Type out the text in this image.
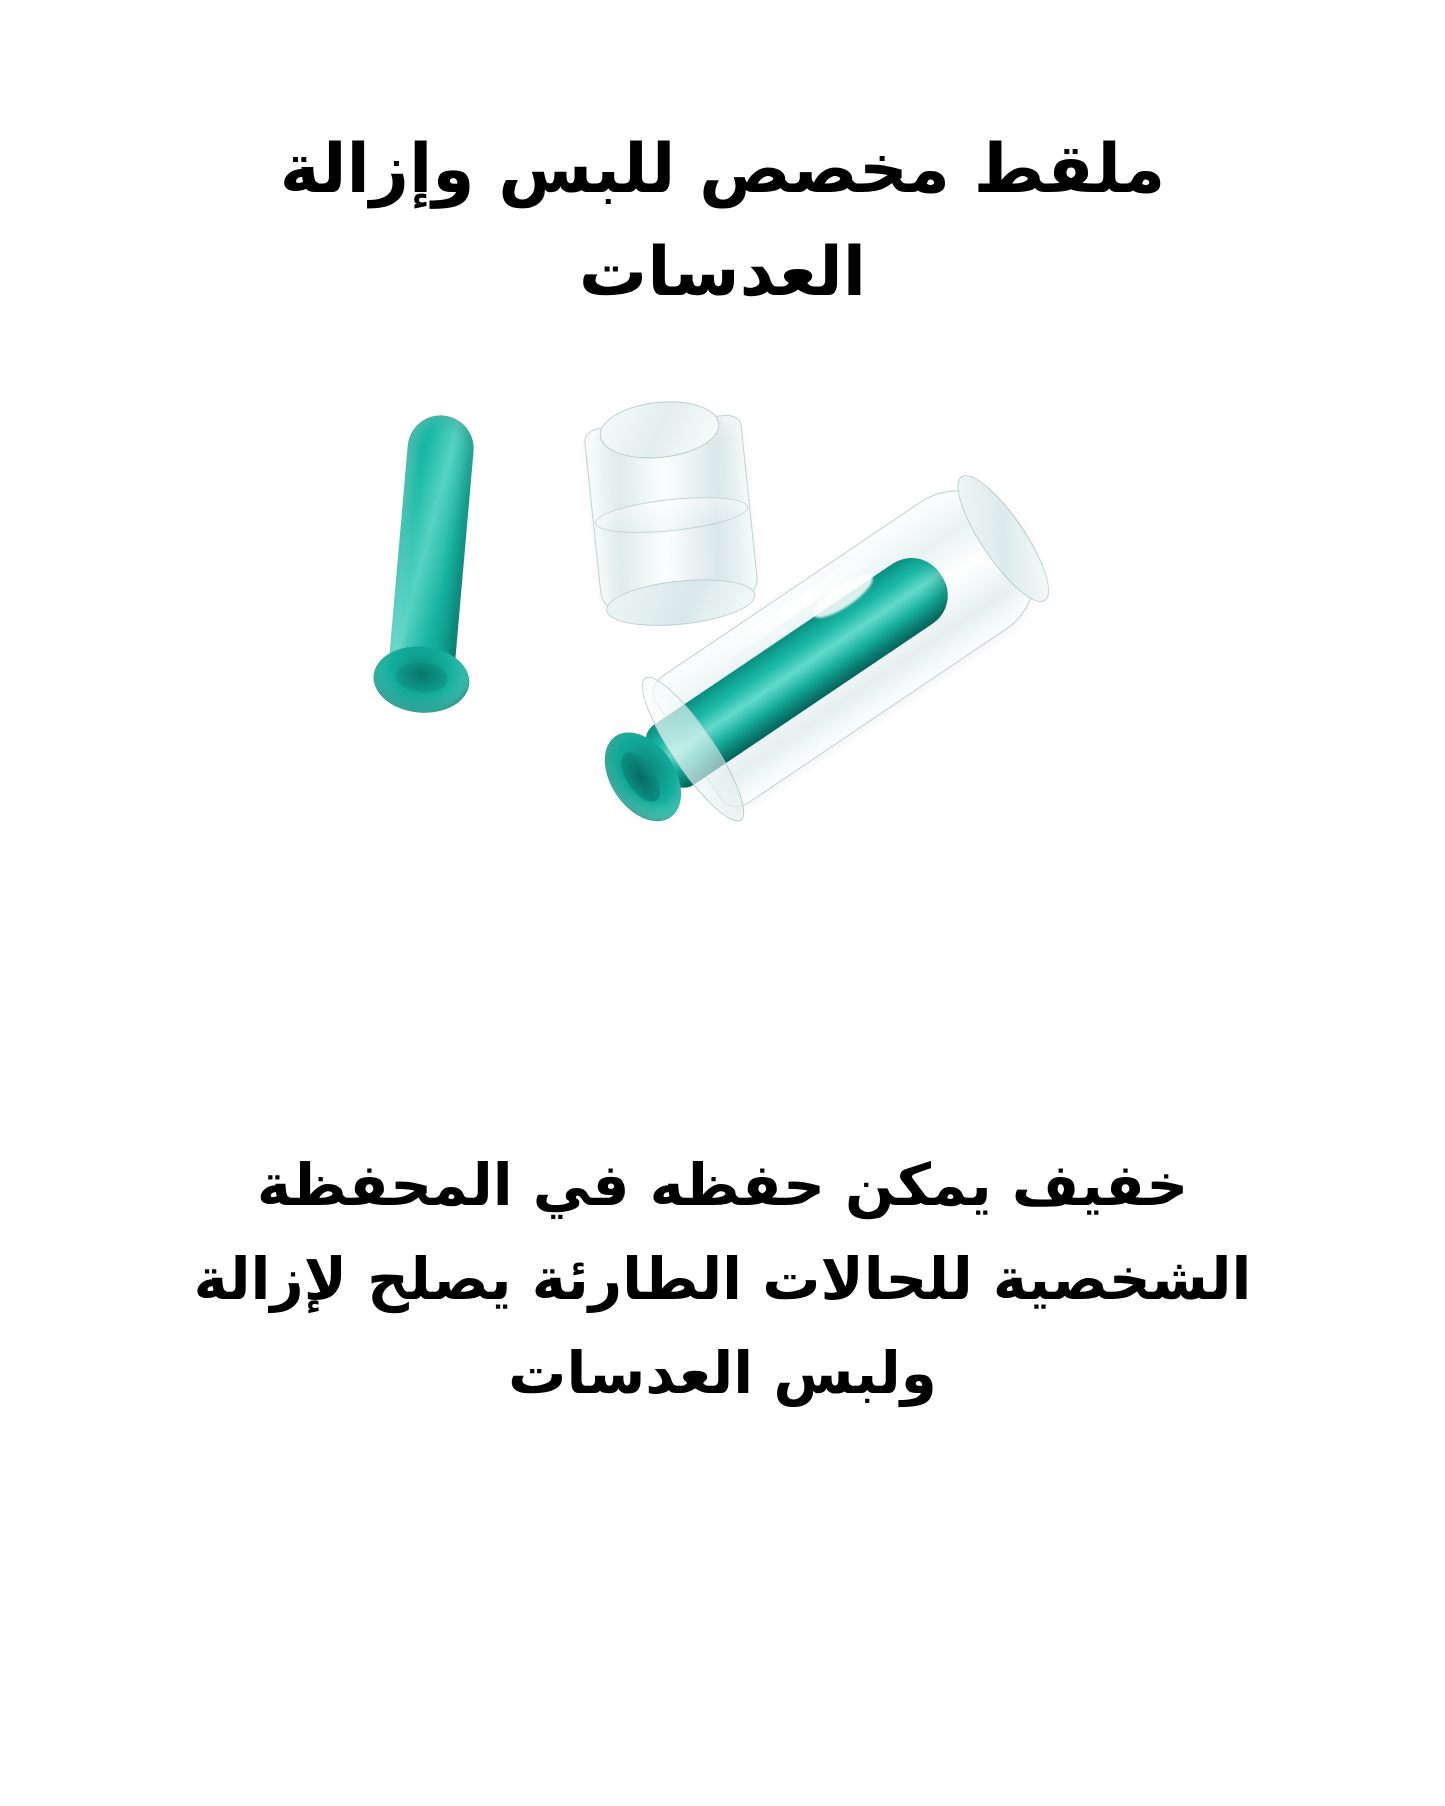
ملقط مخصص للبس وإزالة العدسات
خفيف يمكن حفظه في المحفظة الشخصية للحالات الطارئة يصلح لإزالة ولبس العدسات
